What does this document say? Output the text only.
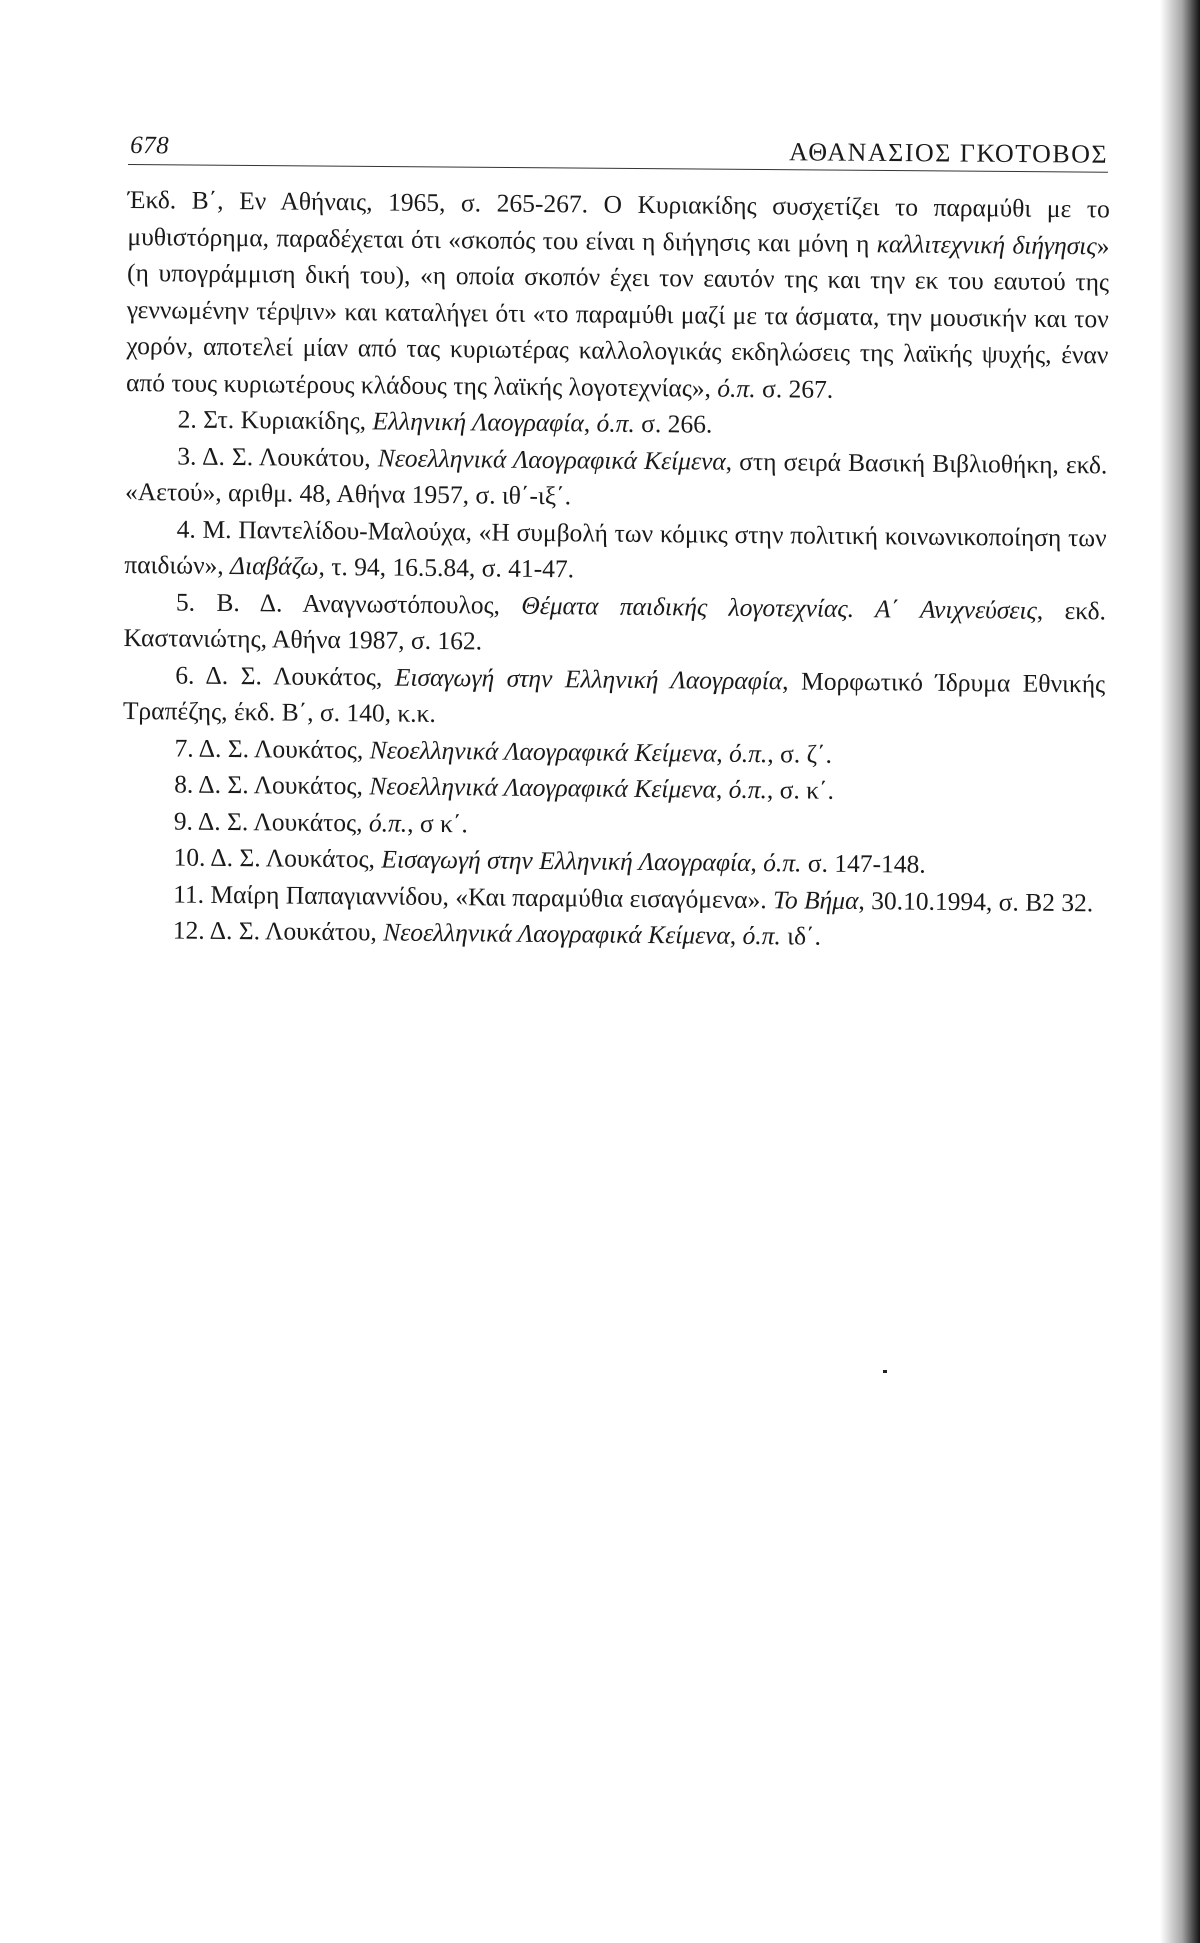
678	ΑΘΑΝΑΣΙΟΣ ΓΚΟΤΟΒΟΣ

Έκδ. Β΄, Εν Αθήναις, 1965, σ. 265-267. Ο Κυριακίδης συσχετίζει το παραμύθι με το μυθιστόρημα, παραδέχεται ότι «σκοπός του είναι η διήγησις και μόνη η καλλιτεχνική διήγησις» (η υπογράμμιση δική του), «η οποία σκοπόν έχει τον εαυτόν της και την εκ του εαυτού της γεννωμένην τέρψιν» και καταλήγει ότι «το παραμύθι μαζί με τα άσματα, την μουσικήν και τον χορόν, αποτελεί μίαν από τας κυριωτέρας καλλολογικάς εκδηλώσεις της λαϊκής ψυχής, έναν από τους κυριωτέρους κλάδους της λαϊκής λογοτεχνίας», ό.π. σ. 267.

2. Στ. Κυριακίδης, Ελληνική Λαογραφία, ό.π. σ. 266.

3. Δ. Σ. Λουκάτου, Νεοελληνικά Λαογραφικά Κείμενα, στη σειρά Βασική Βιβλιοθήκη, εκδ. «Αετού», αριθμ. 48, Αθήνα 1957, σ. ιθ΄-ιξ΄.

4. Μ. Παντελίδου-Μαλούχα, «Η συμβολή των κόμικς στην πολιτική κοινωνικοποίηση των παιδιών», Διαβάζω, τ. 94, 16.5.84, σ. 41-47.

5. Β. Δ. Αναγνωστόπουλος, Θέματα παιδικής λογοτεχνίας. Α΄ Ανιχνεύσεις, εκδ. Καστανιώτης, Αθήνα 1987, σ. 162.

6. Δ. Σ. Λουκάτος, Εισαγωγή στην Ελληνική Λαογραφία, Μορφωτικό Ίδρυμα Εθνικής Τραπέζης, έκδ. Β΄, σ. 140, κ.κ.

7. Δ. Σ. Λουκάτος, Νεοελληνικά Λαογραφικά Κείμενα, ό.π., σ. ζ΄.

8. Δ. Σ. Λουκάτος, Νεοελληνικά Λαογραφικά Κείμενα, ό.π., σ. κ΄.

9. Δ. Σ. Λουκάτος, ό.π., σ κ΄.

10. Δ. Σ. Λουκάτος, Εισαγωγή στην Ελληνική Λαογραφία, ό.π. σ. 147-148.

11. Μαίρη Παπαγιαννίδου, «Και παραμύθια εισαγόμενα». Το Βήμα, 30.10.1994, σ. Β2 32.

12. Δ. Σ. Λουκάτου, Νεοελληνικά Λαογραφικά Κείμενα, ό.π. ιδ΄.
